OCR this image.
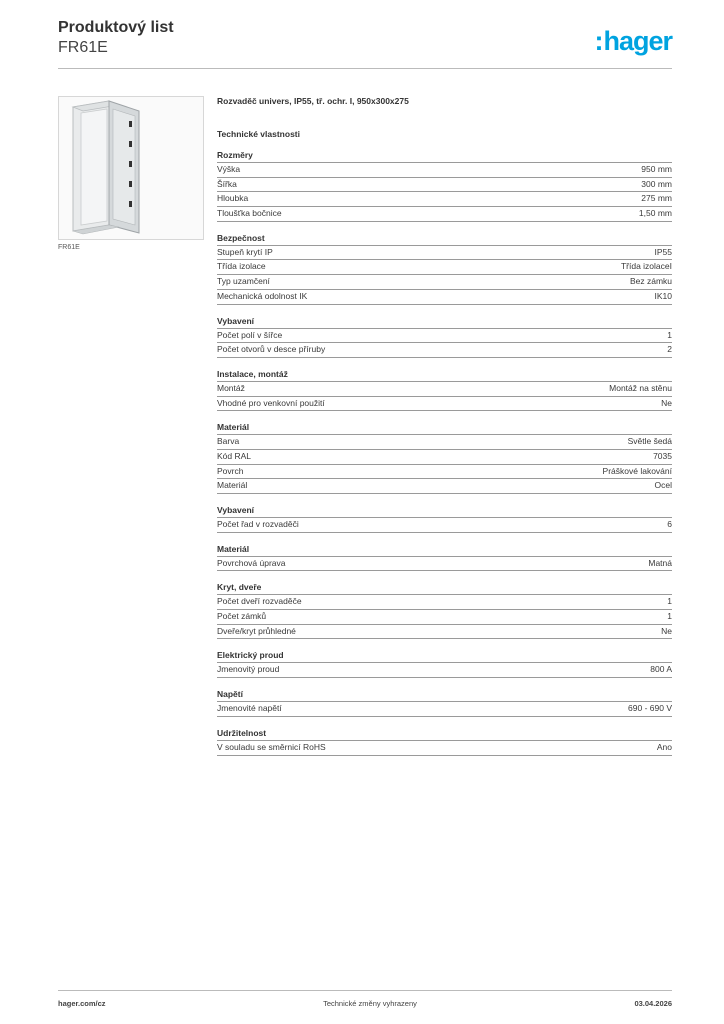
Produktový list
FR61E	:hager
FR61E
Rozvaděč univers, IP55, tř. ochr. I, 950x300x275
Technické vlastnosti
Rozměry
Výška	950 mm
Šířka	300 mm
Hloubka	275 mm
Tloušťka bočnice	1,50 mm
Bezpečnost
Stupeň krytí IP	IP55
Třída izolace	Třída izolaceI
Typ uzamčení	Bez zámku
Mechanická odolnost IK	IK10
Vybavení
Počet polí v šířce	1
Počet otvorů v desce příruby	2
Instalace, montáž
Montáž	Montáž na stěnu
Vhodné pro venkovní použití	Ne
Materiál
Barva	Světle šedá
Kód RAL	7035
Povrch	Práškové lakování
Materiál	Ocel
Vybavení
Počet řad v rozvaděči	6
Materiál
Povrchová úprava	Matná
Kryt, dveře
Počet dveří rozvaděče	1
Počet zámků	1
Dveře/kryt průhledné	Ne
Elektrický proud
Jmenovitý proud	800 A
Napětí
Jmenovité napětí	690 - 690 V
Udržitelnost
V souladu se směrnicí RoHS	Ano
hager.com/cz	Technické změny vyhrazeny	03.04.2026
